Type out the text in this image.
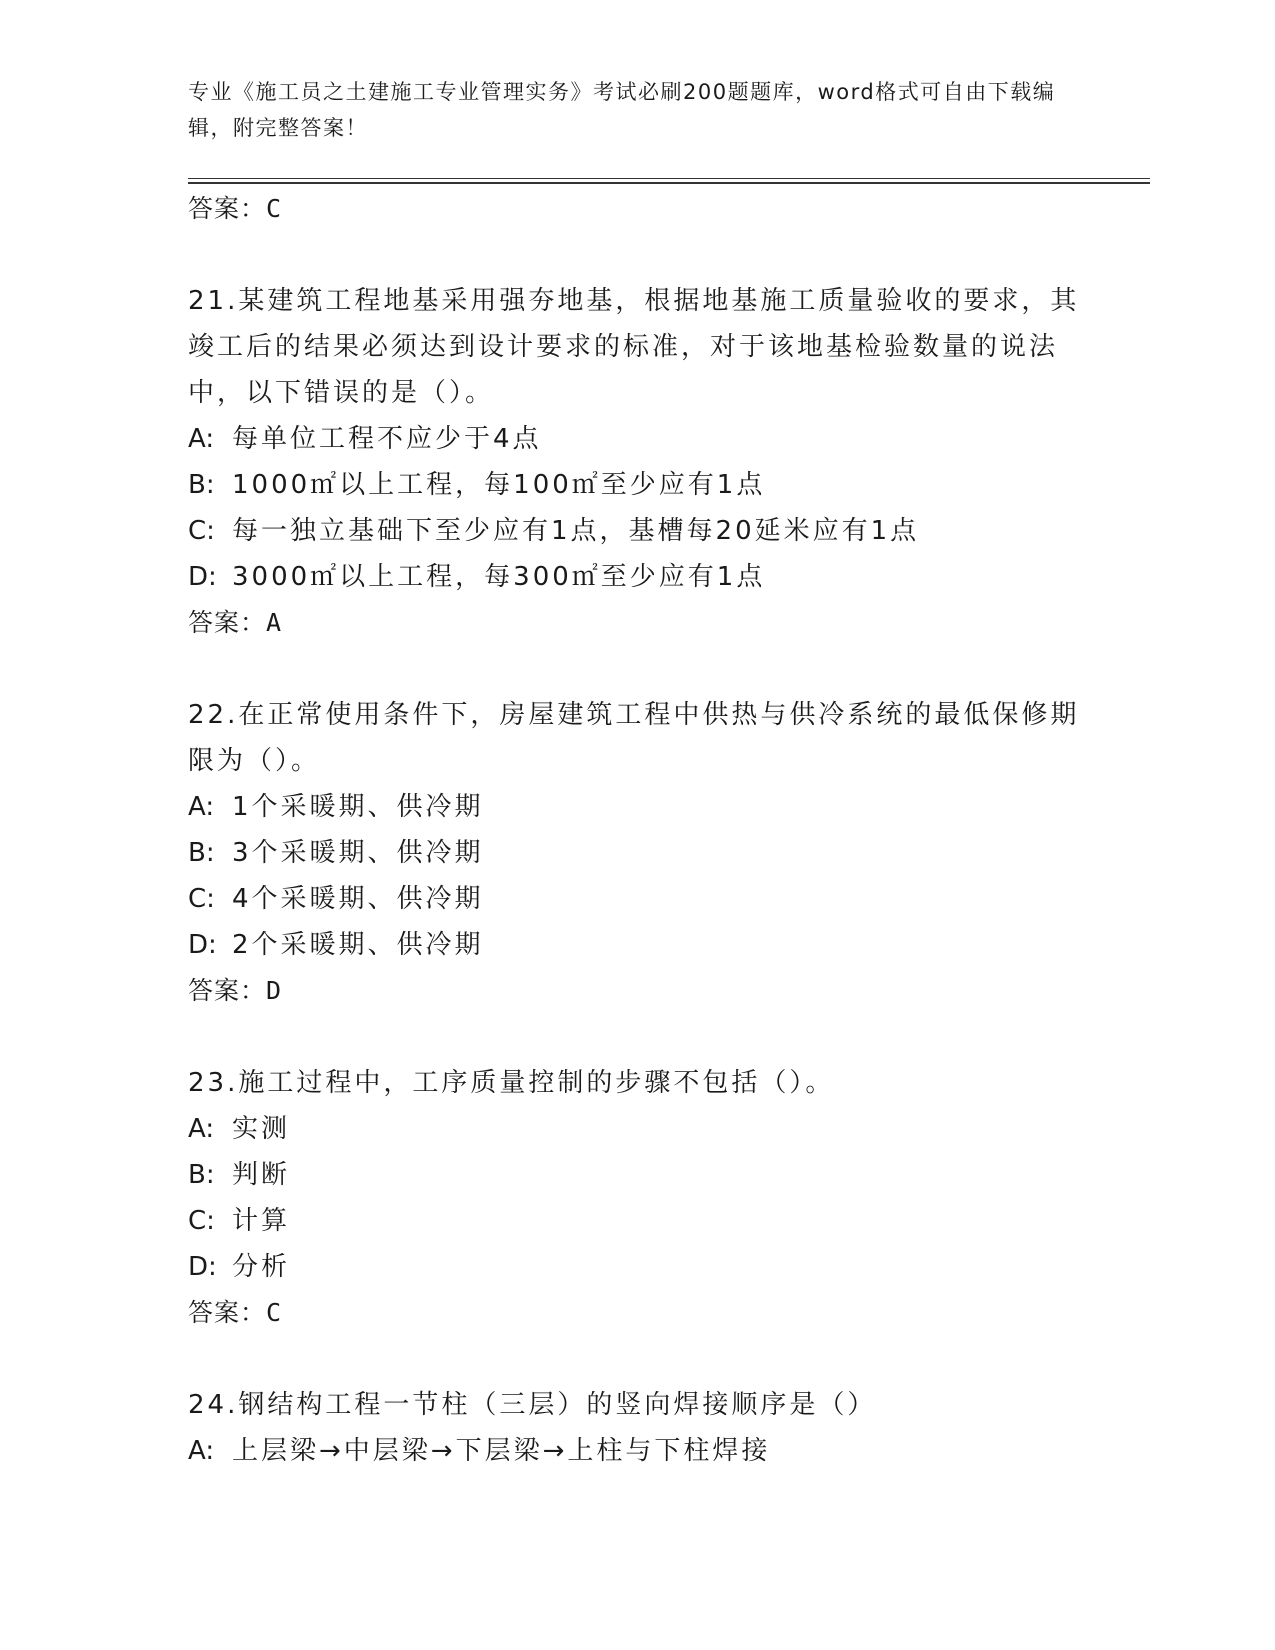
专业《施工员之土建施工专业管理实务》考试必刷200题题库，word格式可自由下载编辑，附完整答案！
答案：C
21.某建筑工程地基采用强夯地基，根据地基施工质量验收的要求，其竣工后的结果必须达到设计要求的标准，对于该地基检验数量的说法中，以下错误的是（）。
A: 每单位工程不应少于4点
B: 1000㎡以上工程，每100㎡至少应有1点
C: 每一独立基础下至少应有1点，基槽每20延米应有1点
D: 3000㎡以上工程，每300㎡至少应有1点
答案：A
22.在正常使用条件下，房屋建筑工程中供热与供冷系统的最低保修期限为（）。
A: 1个采暖期、供冷期
B: 3个采暖期、供冷期
C: 4个采暖期、供冷期
D: 2个采暖期、供冷期
答案：D
23.施工过程中，工序质量控制的步骤不包括（）。
A: 实测
B: 判断
C: 计算
D: 分析
答案：C
24.钢结构工程一节柱（三层）的竖向焊接顺序是（）
A: 上层梁→中层梁→下层梁→上柱与下柱焊接
